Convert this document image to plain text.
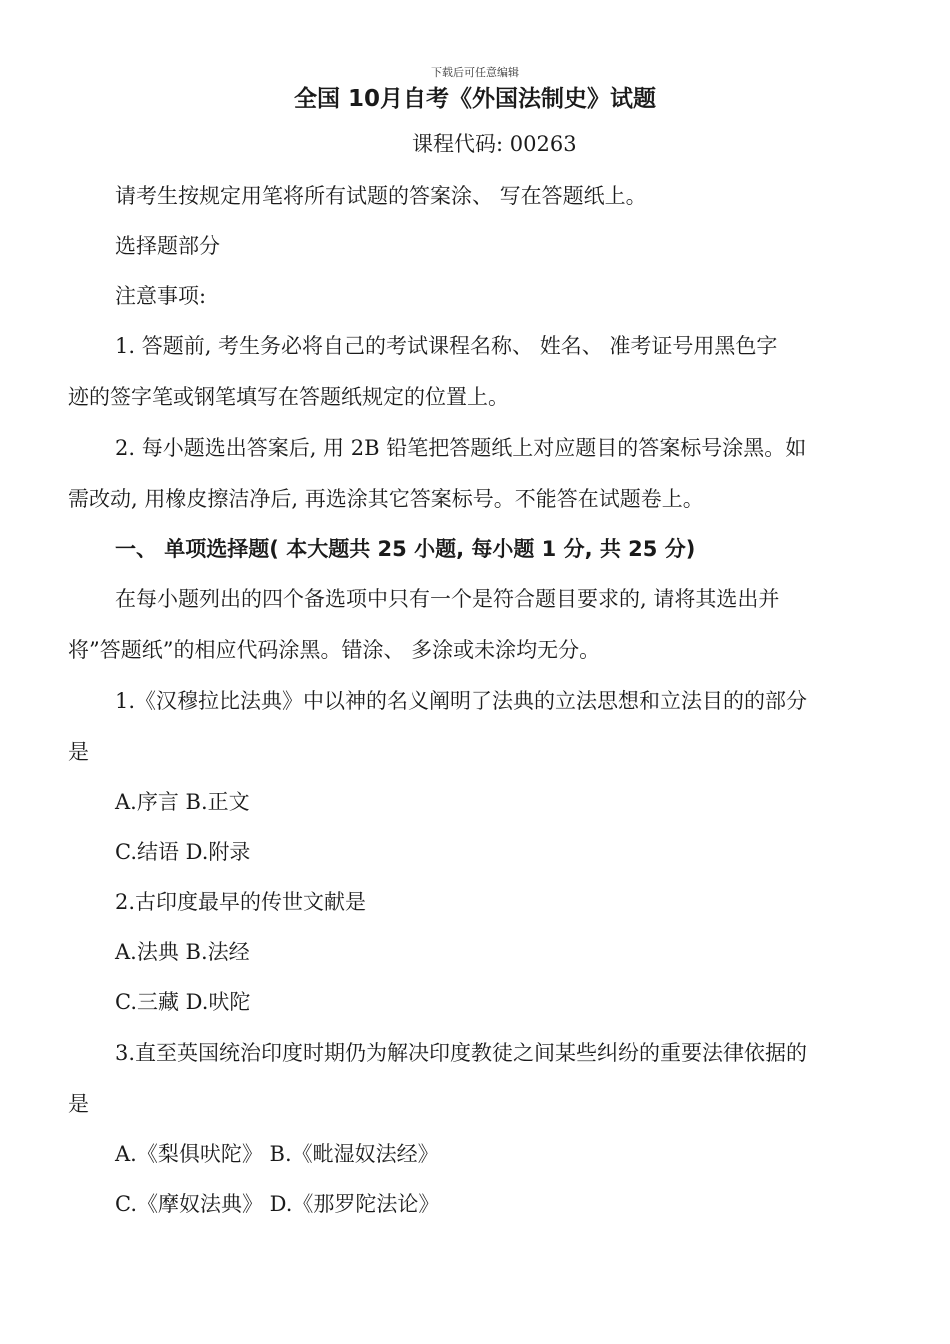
下载后可任意编辑
全国 10月自考《外国法制史》试题
课程代码: 00263
请考生按规定用笔将所有试题的答案涂、 写在答题纸上。
选择题部分
注意事项:
1. 答题前, 考生务必将自己的考试课程名称、 姓名、 准考证号用黑色字
迹的签字笔或钢笔填写在答题纸规定的位置上。
2. 每小题选出答案后, 用 2B 铅笔把答题纸上对应题目的答案标号涂黑。如
需改动, 用橡皮擦洁净后, 再选涂其它答案标号。不能答在试题卷上。
一、 单项选择题( 本大题共 25 小题, 每小题 1 分, 共 25 分)
在每小题列出的四个备选项中只有一个是符合题目要求的, 请将其选出并
将”答题纸”的相应代码涂黑。错涂、 多涂或未涂均无分。
1.《汉穆拉比法典》中以神的名义阐明了法典的立法思想和立法目的的部分
是
A.序言 B.正文
C.结语 D.附录
2.古印度最早的传世文献是
A.法典 B.法经
C.三藏 D.吠陀
3.直至英国统治印度时期仍为解决印度教徒之间某些纠纷的重要法律依据的
是
A.《梨俱吠陀》 B.《毗湿奴法经》
C.《摩奴法典》 D.《那罗陀法论》
